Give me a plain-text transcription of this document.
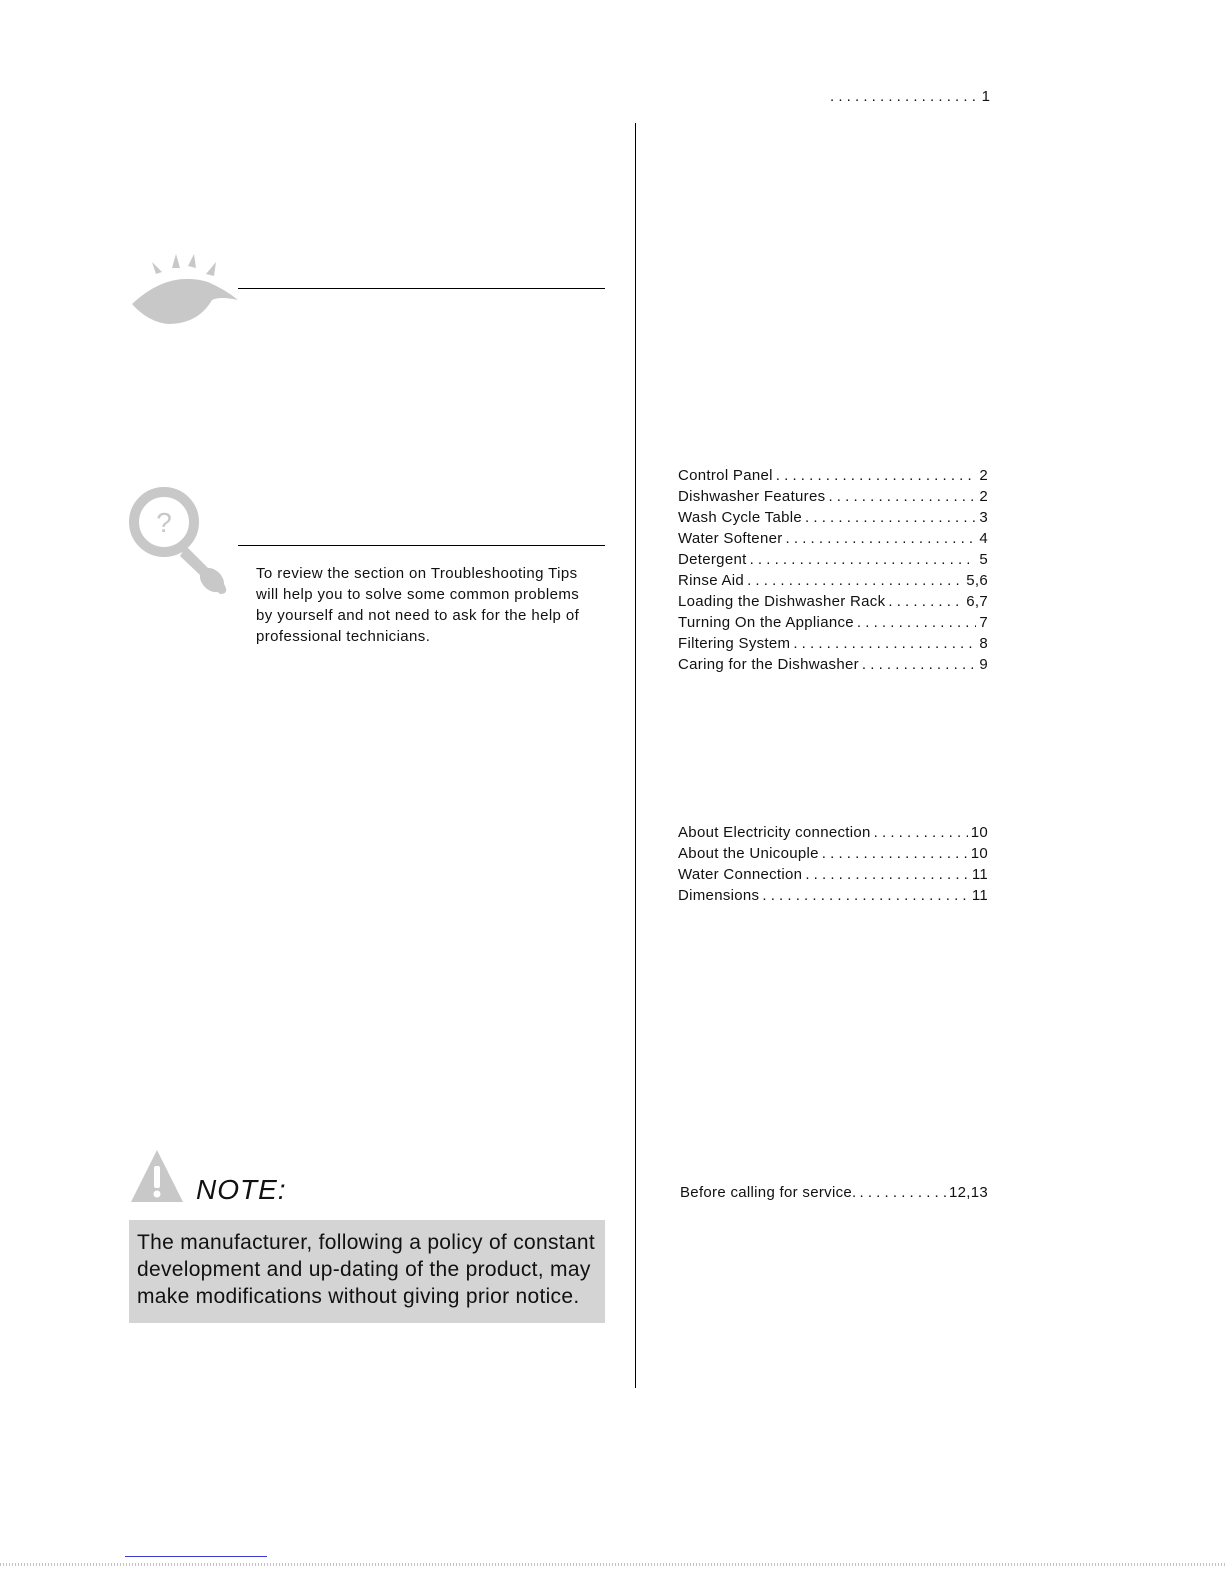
. . .
1
?
To review the section on Troubleshooting Tips
will help you to solve some common problems
by yourself and not need to ask for the help of
professional technicians.
Control Panel . . .	2
Dishwasher Features . . .	2
Wash Cycle Table . . .	3
Water Softener . . .	4
Detergent . . .	5
Rinse Aid . . .	5,6
Loading the Dishwasher Rack . . .	6,7
Turning On the Appliance . . .	7
Filtering System . . .	8
Caring for the Dishwasher . . .	9
About Electricity connection . . .	10
About the Unicouple . . .	10
Water Connection . . .	11
Dimensions . . .	11
Before calling for service. . . .	12,13
NOTE:
The manufacturer, following a policy of constant
development and up-dating of the product, may
make modifications without giving prior notice.
